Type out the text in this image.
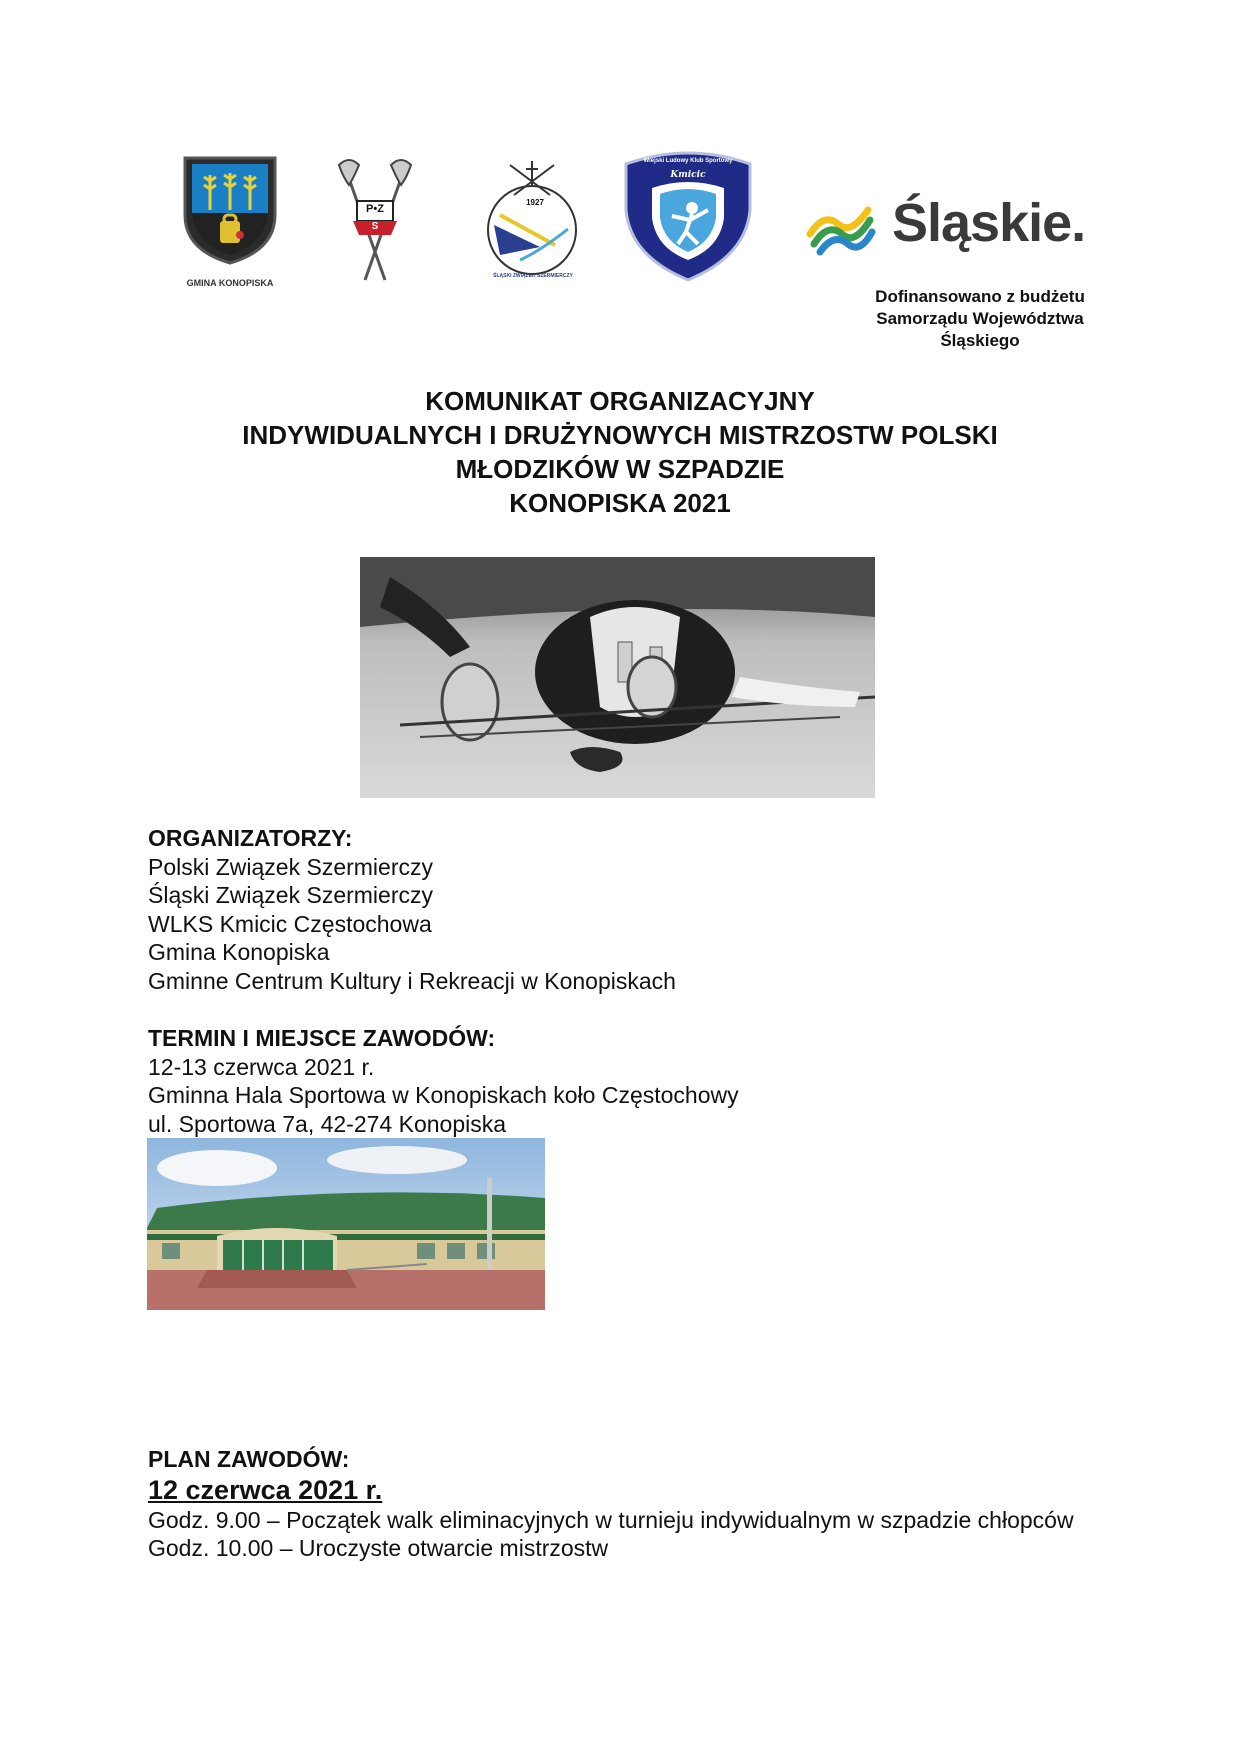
GMINA KONOPISKA
P•Z
S
1927
ŚLĄSKI ZWIĄZEK SZERMIERCZY
Wiejski Ludowy Klub Sportowy
Kmicic
Śląskie.
Dofinansowano z budżetu
Samorządu Województwa
Śląskiego
KOMUNIKAT ORGANIZACYJNY
INDYWIDUALNYCH I DRUŻYNOWYCH MISTRZOSTW POLSKI
MŁODZIKÓW W SZPADZIE
KONOPISKA 2021
ORGANIZATORZY:
Polski Związek Szermierczy
Śląski Związek Szermierczy
WLKS Kmicic Częstochowa
Gmina Konopiska
Gminne Centrum Kultury i Rekreacji w Konopiskach
TERMIN I MIEJSCE ZAWODÓW:
12-13 czerwca 2021 r.
Gminna Hala Sportowa w Konopiskach koło Częstochowy
ul. Sportowa 7a, 42-274 Konopiska
PLAN ZAWODÓW:
12 czerwca 2021 r.
Godz. 9.00 – Początek walk eliminacyjnych w turnieju indywidualnym w szpadzie chłopców
Godz. 10.00 – Uroczyste otwarcie mistrzostw
